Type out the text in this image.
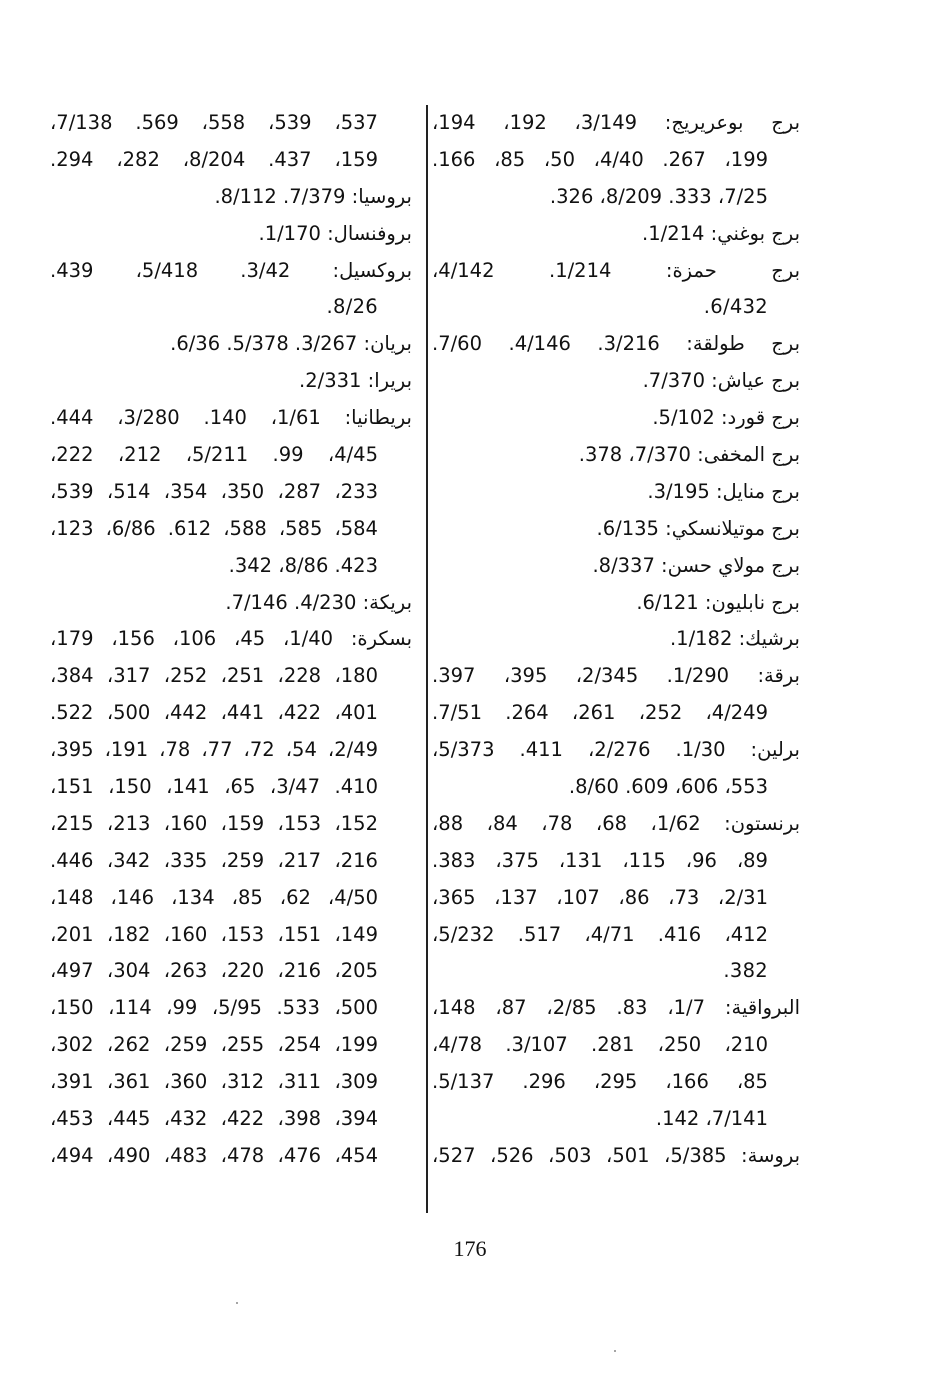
برج بوعريريج: 3/149، 192، 194،
199، 267. 4/40، 50، 85، 166.
7/25، 333. 8/209، 326.
برج بوغني: 1/214.
برج حمزة: 1/214. 4/142،
6/432.
برج طولقة: 3/216. 4/146. 7/60.
برج عياش: 7/370.
برج قورد: 5/102.
برج المخفى: 7/370، 378.
برج منايل: 3/195.
برج موتيلانسكي: 6/135.
برج مولاي حسن: 8/337.
برج نابليون: 6/121.
برشيك: 1/182.
برقة: 1/290. 2/345، 395، 397.
4/249، 252، 261، 264. 7/51.
برلين: 1/30. 2/276، 411. 5/373،
553، 606، 609. 8/60.
برنستون: 1/62، 68، 78، 84، 88،
89، 96، 115، 131، 375، 383.
2/31، 73، 86، 107، 137، 365،
412، 416. 4/71، 517. 5/232،
382.
البرواقية: 1/7، 83. 2/85، 87، 148،
210، 250، 281. 3/107. 4/78،
85، 166، 295، 296. 5/137.
7/141، 142.
بروسة: 5/385، 501، 503، 526، 527،
537، 539، 558، 569. 7/138،
159، 437. 8/204، 282، 294.
بروسيا: 7/379. 8/112.
بروفنسال: 1/170.
بروكسيل: 3/42. 5/418، 439.
8/26.
بريان: 3/267. 5/378. 6/36.
بريرا: 2/331.
بريطانيا: 1/61، 140. 3/280، 444.
4/45، 99. 5/211، 212، 222،
233، 287، 350، 354، 514، 539،
584، 585، 588، 612. 6/86، 123،
423. 8/86، 342.
بريكة: 4/230. 7/146.
بسكرة: 1/40، 45، 106، 156، 179،
180، 228، 251، 252، 317، 384،
401، 422، 441، 442، 500، 522.
2/49، 54، 72، 77، 78، 191، 395،
410. 3/47، 65، 141، 150، 151،
152، 153، 159، 160، 213، 215،
216، 217، 259، 335، 342، 446.
4/50، 62، 85، 134، 146، 148،
149، 151، 153، 160، 182، 201،
205، 216، 220، 263، 304، 497،
500، 533. 5/95، 99، 114، 150،
199، 254، 255، 259، 262، 302،
309، 311، 312، 360، 361، 391،
394، 398، 422، 432، 445، 453،
454، 476، 478، 483، 490، 494،
176
